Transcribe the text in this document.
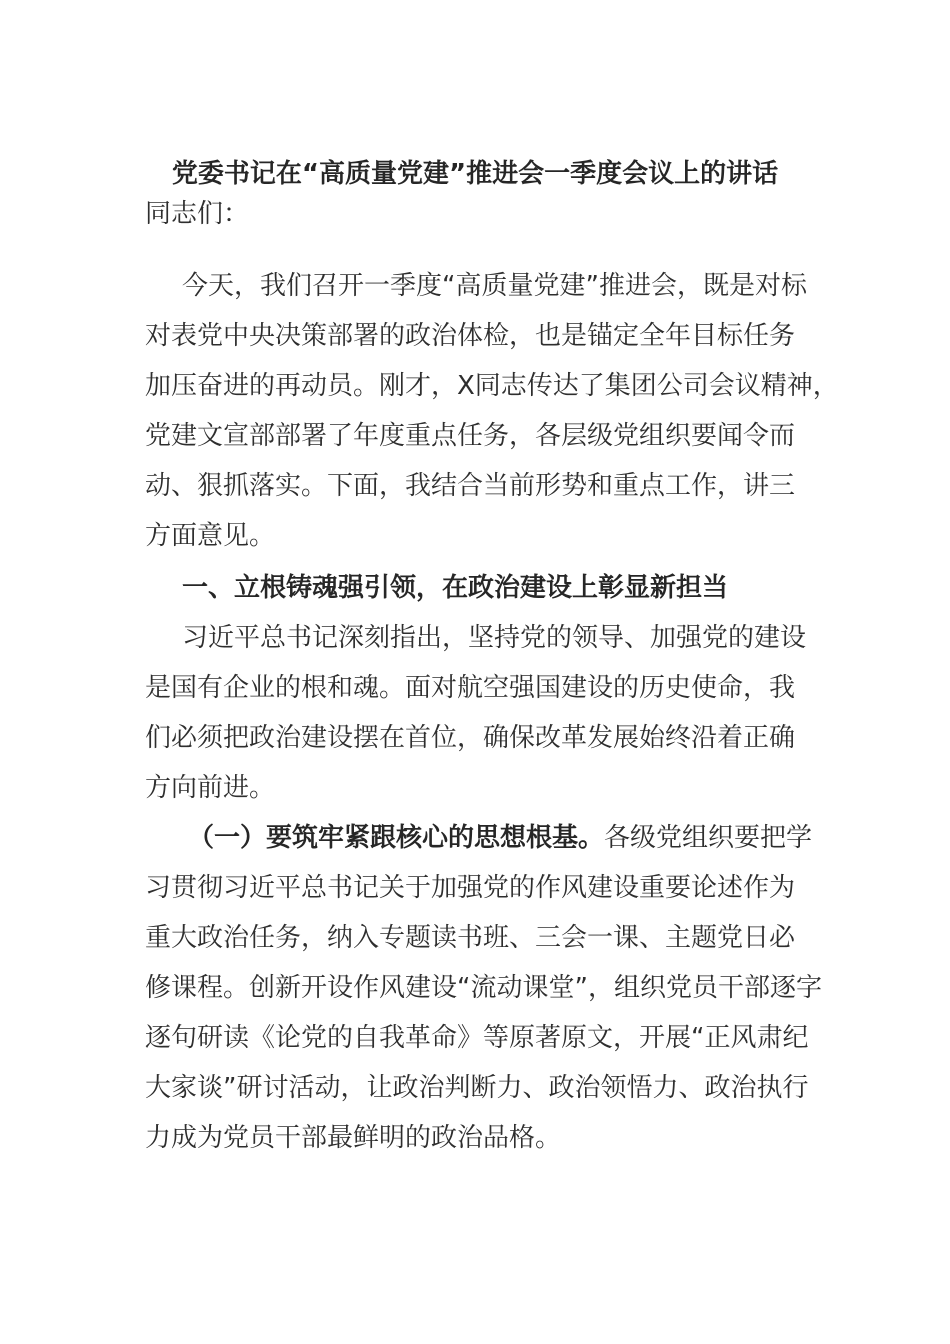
党委书记在“高质量党建”推进会一季度会议上的讲话
同志们：
今天，我们召开一季度“高质量党建”推进会，既是对标
对表党中央决策部署的政治体检，也是锚定全年目标任务
加压奋进的再动员。刚才，X同志传达了集团公司会议精神，
党建文宣部部署了年度重点任务，各层级党组织要闻令而
动、狠抓落实。下面，我结合当前形势和重点工作，讲三
方面意见。
一、立根铸魂强引领，在政治建设上彰显新担当
习近平总书记深刻指出，坚持党的领导、加强党的建设
是国有企业的根和魂。面对航空强国建设的历史使命，我
们必须把政治建设摆在首位，确保改革发展始终沿着正确
方向前进。
（一）要筑牢紧跟核心的思想根基。各级党组织要把学
习贯彻习近平总书记关于加强党的作风建设重要论述作为
重大政治任务，纳入专题读书班、三会一课、主题党日必
修课程。创新开设作风建设“流动课堂”，组织党员干部逐字
逐句研读《论党的自我革命》等原著原文，开展“正风肃纪
大家谈”研讨活动，让政治判断力、政治领悟力、政治执行
力成为党员干部最鲜明的政治品格。
